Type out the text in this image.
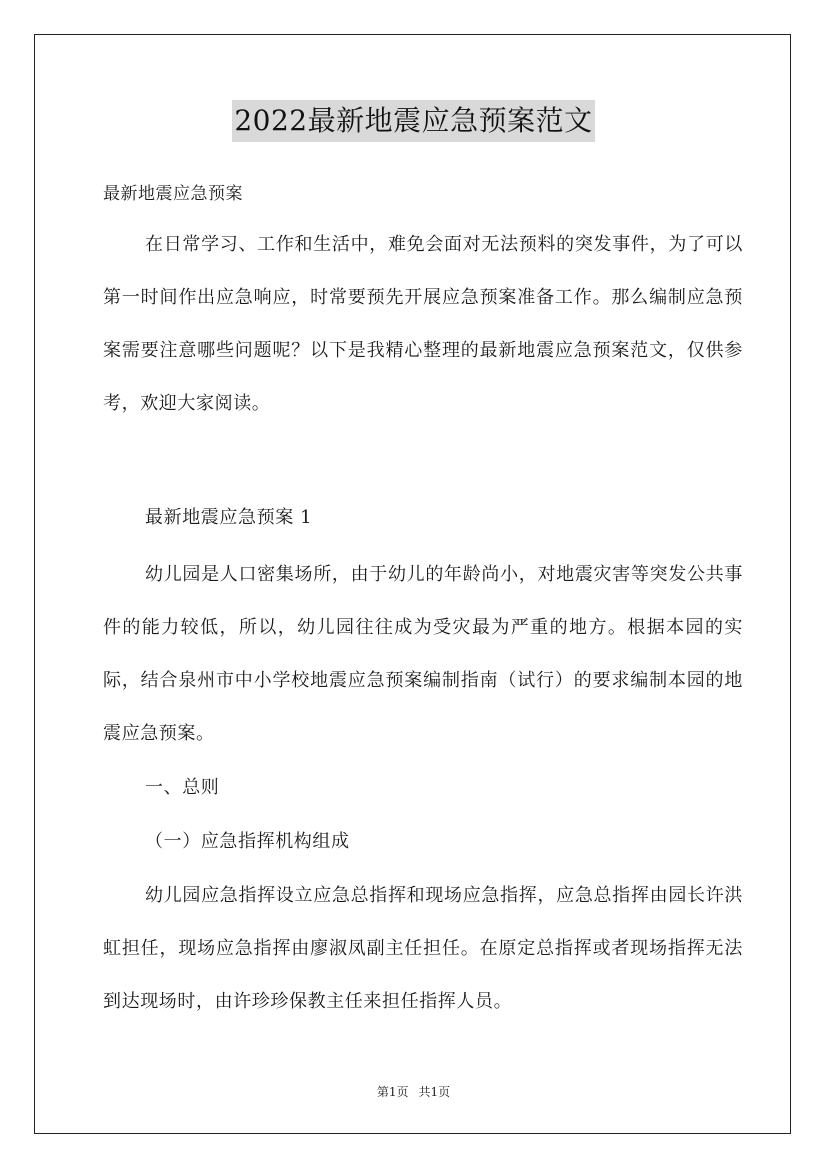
2022最新地震应急预案范文
最新地震应急预案
在日常学习、工作和生活中，难免会面对无法预料的突发事件，为了可以第一时间作出应急响应，时常要预先开展应急预案准备工作。那么编制应急预案需要注意哪些问题呢？以下是我精心整理的最新地震应急预案范文，仅供参考，欢迎大家阅读。
最新地震应急预案 1
幼儿园是人口密集场所，由于幼儿的年龄尚小，对地震灾害等突发公共事件的能力较低，所以，幼儿园往往成为受灾最为严重的地方。根据本园的实际，结合泉州市中小学校地震应急预案编制指南（试行）的要求编制本园的地震应急预案。
一、总则
（一）应急指挥机构组成
幼儿园应急指挥设立应急总指挥和现场应急指挥，应急总指挥由园长许洪虹担任，现场应急指挥由廖淑凤副主任担任。在原定总指挥或者现场指挥无法到达现场时，由许珍珍保教主任来担任指挥人员。
第1页 共1页
